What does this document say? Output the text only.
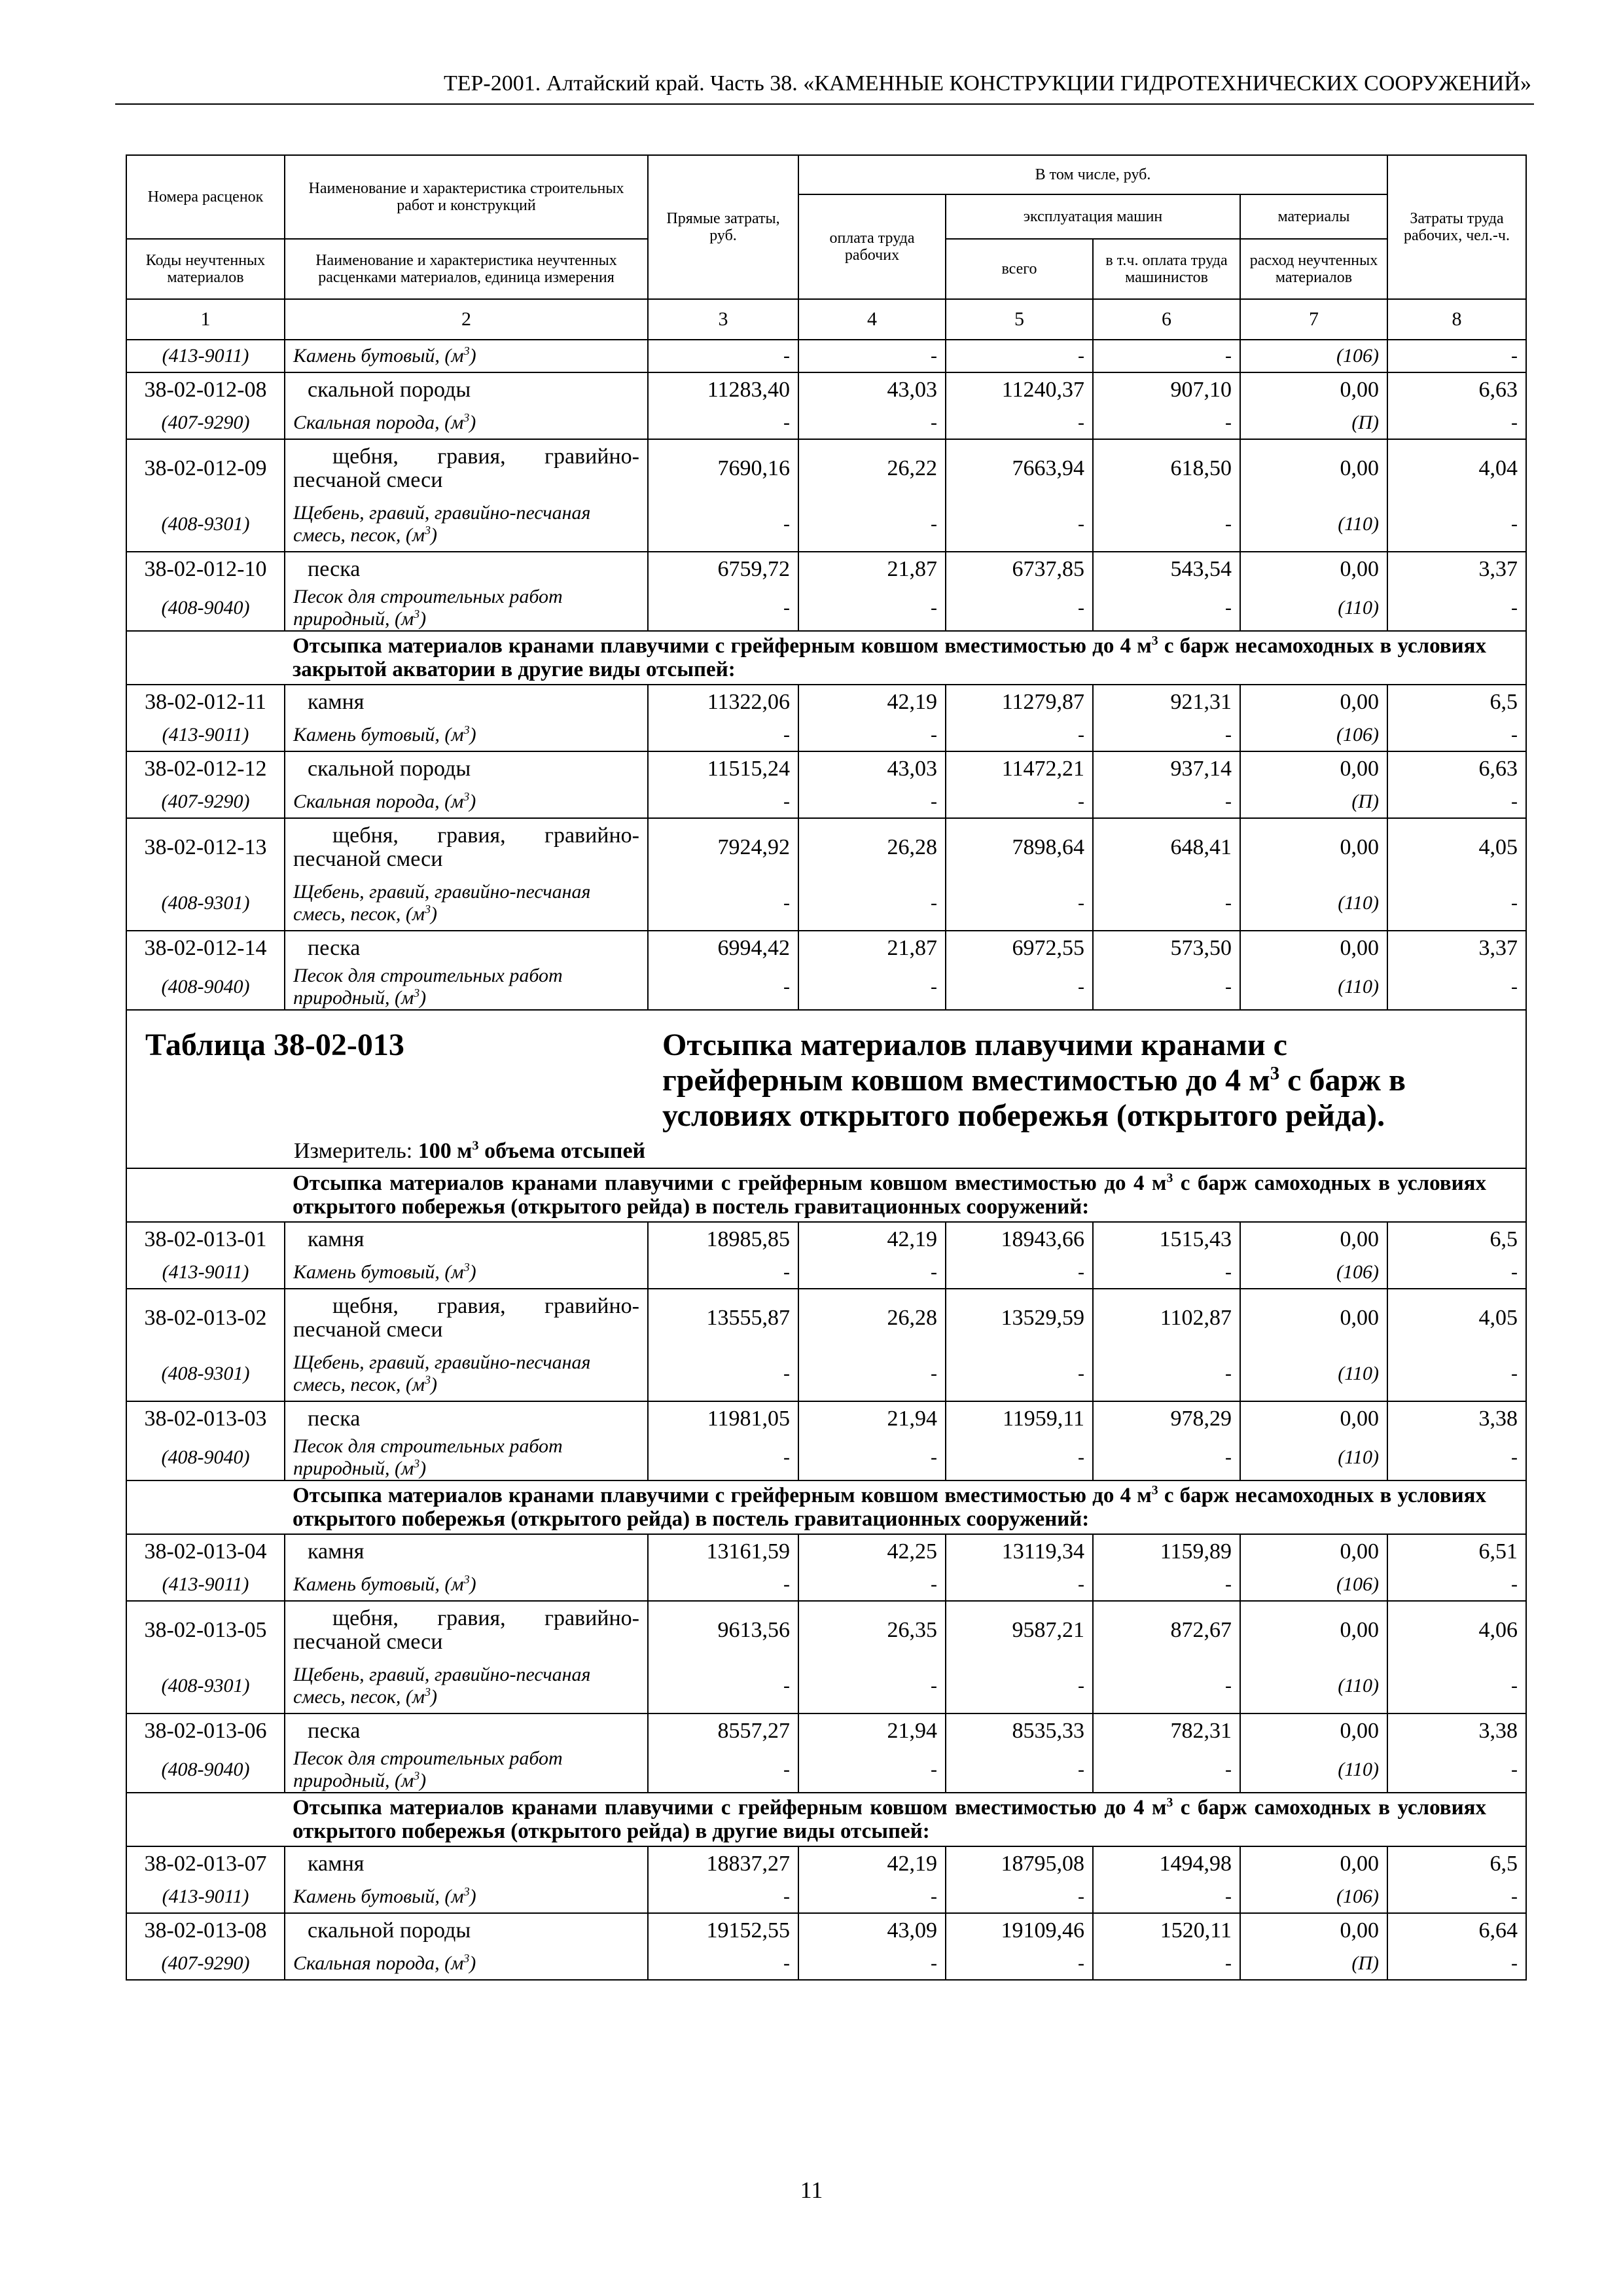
ТЕР-2001. Алтайский край. Часть 38. «КАМЕННЫЕ КОНСТРУКЦИИ ГИДРОТЕХНИЧЕСКИХ СООРУЖЕНИЙ»
Номера расценок	Наименование и характеристика строительных работ и конструкций	Прямые затраты, руб.	В том числе, руб.				Затраты труда рабочих, чел.-ч.
			оплата труда рабочих	эксплуатация машин		материалы	
Коды неучтенных материалов	Наименование и характеристика неучтенных расценками материалов, единица измерения			всего	в т.ч. оплата труда машинистов	расход неучтенных материалов	
1	2	3	4	5	6	7	8
(413-9011)	Камень бутовый, $(м^3)$	-	-	-	-	(106)	-
38-02-012-08	скальной породы	11283,40	43,03	11240,37	907,10	0,00	6,63
(407-9290)	Скальная порода, $(м^3)$	-	-	-	-	(П)	-
38-02-012-09	щебня, гравия, гравийно-песчаной смеси	7690,16	26,22	7663,94	618,50	0,00	4,04
(408-9301)	Щебень, гравий, гравийно-песчаная смесь, песок, $(м^3)$	-	-	-	-	(110)	-
38-02-012-10	песка	6759,72	21,87	6737,85	543,54	0,00	3,37
(408-9040)	Песок для строительных работ природный, $(м^3)$	-	-	-	-	(110)	-
	Отсыпка материалов кранами плавучими с грейферным ковшом вместимостью до 4 $м^3$ с барж несамоходных в условиях закрытой акватории в другие виды отсыпей:						
38-02-012-11	камня	11322,06	42,19	11279,87	921,31	0,00	6,5
(413-9011)	Камень бутовый, $(м^3)$	-	-	-	-	(106)	-
38-02-012-12	скальной породы	11515,24	43,03	11472,21	937,14	0,00	6,63
(407-9290)	Скальная порода, $(м^3)$	-	-	-	-	(П)	-
38-02-012-13	щебня, гравия, гравийно-песчаной смеси	7924,92	26,28	7898,64	648,41	0,00	4,05
(408-9301)	Щебень, гравий, гравийно-песчаная смесь, песок, $(м^3)$	-	-	-	-	(110)	-
38-02-012-14	песка	6994,42	21,87	6972,55	573,50	0,00	3,37
(408-9040)	Песок для строительных работ природный, $(м^3)$	-	-	-	-	(110)	-

Таблица 38-02-013 Отсыпка материалов плавучими кранами с грейферным ковшом вместимостью до 4 $м^3$ с барж в условиях открытого побережья (открытого рейда).
Измеритель: 100 $м^3$ объема отсыпей							

	Отсыпка материалов кранами плавучими с грейферным ковшом вместимостью до 4 $м^3$ с барж самоходных в условиях открытого побережья (открытого рейда) в постель гравитационных сооружений:						
38-02-013-01	камня	18985,85	42,19	18943,66	1515,43	0,00	6,5
(413-9011)	Камень бутовый, $(м^3)$	-	-	-	-	(106)	-
38-02-013-02	щебня, гравия, гравийно-песчаной смеси	13555,87	26,28	13529,59	1102,87	0,00	4,05
(408-9301)	Щебень, гравий, гравийно-песчаная смесь, песок, $(м^3)$	-	-	-	-	(110)	-
38-02-013-03	песка	11981,05	21,94	11959,11	978,29	0,00	3,38
(408-9040)	Песок для строительных работ природный, $(м^3)$	-	-	-	-	(110)	-
	Отсыпка материалов кранами плавучими с грейферным ковшом вместимостью до 4 $м^3$ с барж несамоходных в условиях открытого побережья (открытого рейда) в постель гравитационных сооружений:						
38-02-013-04	камня	13161,59	42,25	13119,34	1159,89	0,00	6,51
(413-9011)	Камень бутовый, $(м^3)$	-	-	-	-	(106)	-
38-02-013-05	щебня, гравия, гравийно-песчаной смеси	9613,56	26,35	9587,21	872,67	0,00	4,06
(408-9301)	Щебень, гравий, гравийно-песчаная смесь, песок, $(м^3)$	-	-	-	-	(110)	-
38-02-013-06	песка	8557,27	21,94	8535,33	782,31	0,00	3,38
(408-9040)	Песок для строительных работ природный, $(м^3)$	-	-	-	-	(110)	-
	Отсыпка материалов кранами плавучими с грейферным ковшом вместимостью до 4 $м^3$ с барж самоходных в условиях открытого побережья (открытого рейда) в другие виды отсыпей:						
38-02-013-07	камня	18837,27	42,19	18795,08	1494,98	0,00	6,5
(413-9011)	Камень бутовый, $(м^3)$	-	-	-	-	(106)	-
38-02-013-08	скальной породы	19152,55	43,09	19109,46	1520,11	0,00	6,64
(407-9290)	Скальная порода, $(м^3)$	-	-	-	-	(П)	-
11
